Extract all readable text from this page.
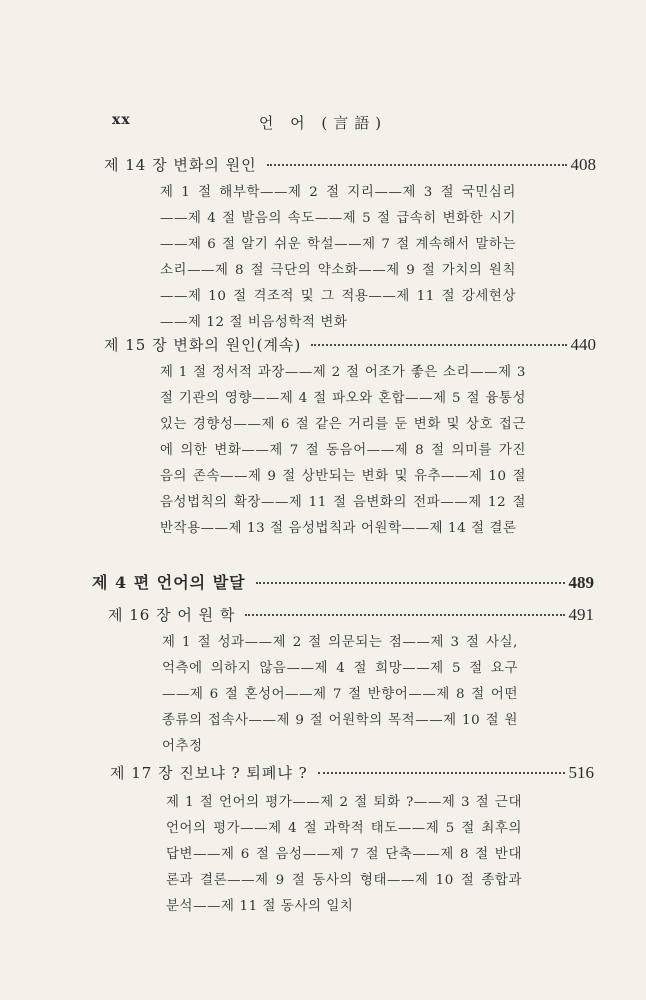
xx	언 어 (言語)
제 14 장 변화의 원인	408

제 1 절 해부학——제 2 절 지리——제 3 절 국민심리——제 4 절 발음의 속도——제 5 절 급속히 변화한 시기——제 6 절 알기 쉬운 학설——제 7 절 계속해서 말하는 소리——제 8 절 극단의 약소화——제 9 절 가치의 원칙——제 10 절 격조적 및 그 적용——제 11 절 강세현상——제 12 절 비음성학적 변화

제 15 장 변화의 원인(계속)	440

제 1 절 정서적 과장——제 2 절 어조가 좋은 소리——제 3 절 기관의 영향——제 4 절 파오와 혼합——제 5 절 융통성 있는 경향성——제 6 절 같은 거리를 둔 변화 및 상호 접근에 의한 변화——제 7 절 동음어——제 8 절 의미를 가진 음의 존속——제 9 절 상반되는 변화 및 유추——제 10 절 음성법칙의 확장——제 11 절 음변화의 전파——제 12 절 반작용——제 13 절 음성법칙과 어원학——제 14 절 결론

제 4 편 언어의 발달	489
제 16 장 어 원 학	491

제 1 절 성과——제 2 절 의문되는 점——제 3 절 사실, 억측에 의하지 않음——제 4 절 희망——제 5 절 요구——제 6 절 혼성어——제 7 절 반향어——제 8 절 어떤 종류의 접속사——제 9 절 어원학의 목적——제 10 절 원어추정

제 17 장 진보냐 ? 퇴폐냐 ?	516

제 1 절 언어의 평가——제 2 절 퇴화 ?——제 3 절 근대 언어의 평가——제 4 절 과학적 태도——제 5 절 최후의 답변——제 6 절 음성——제 7 절 단축——제 8 절 반대론과 결론——제 9 절 동사의 형태——제 10 절 종합과 분석——제 11 절 동사의 일치
